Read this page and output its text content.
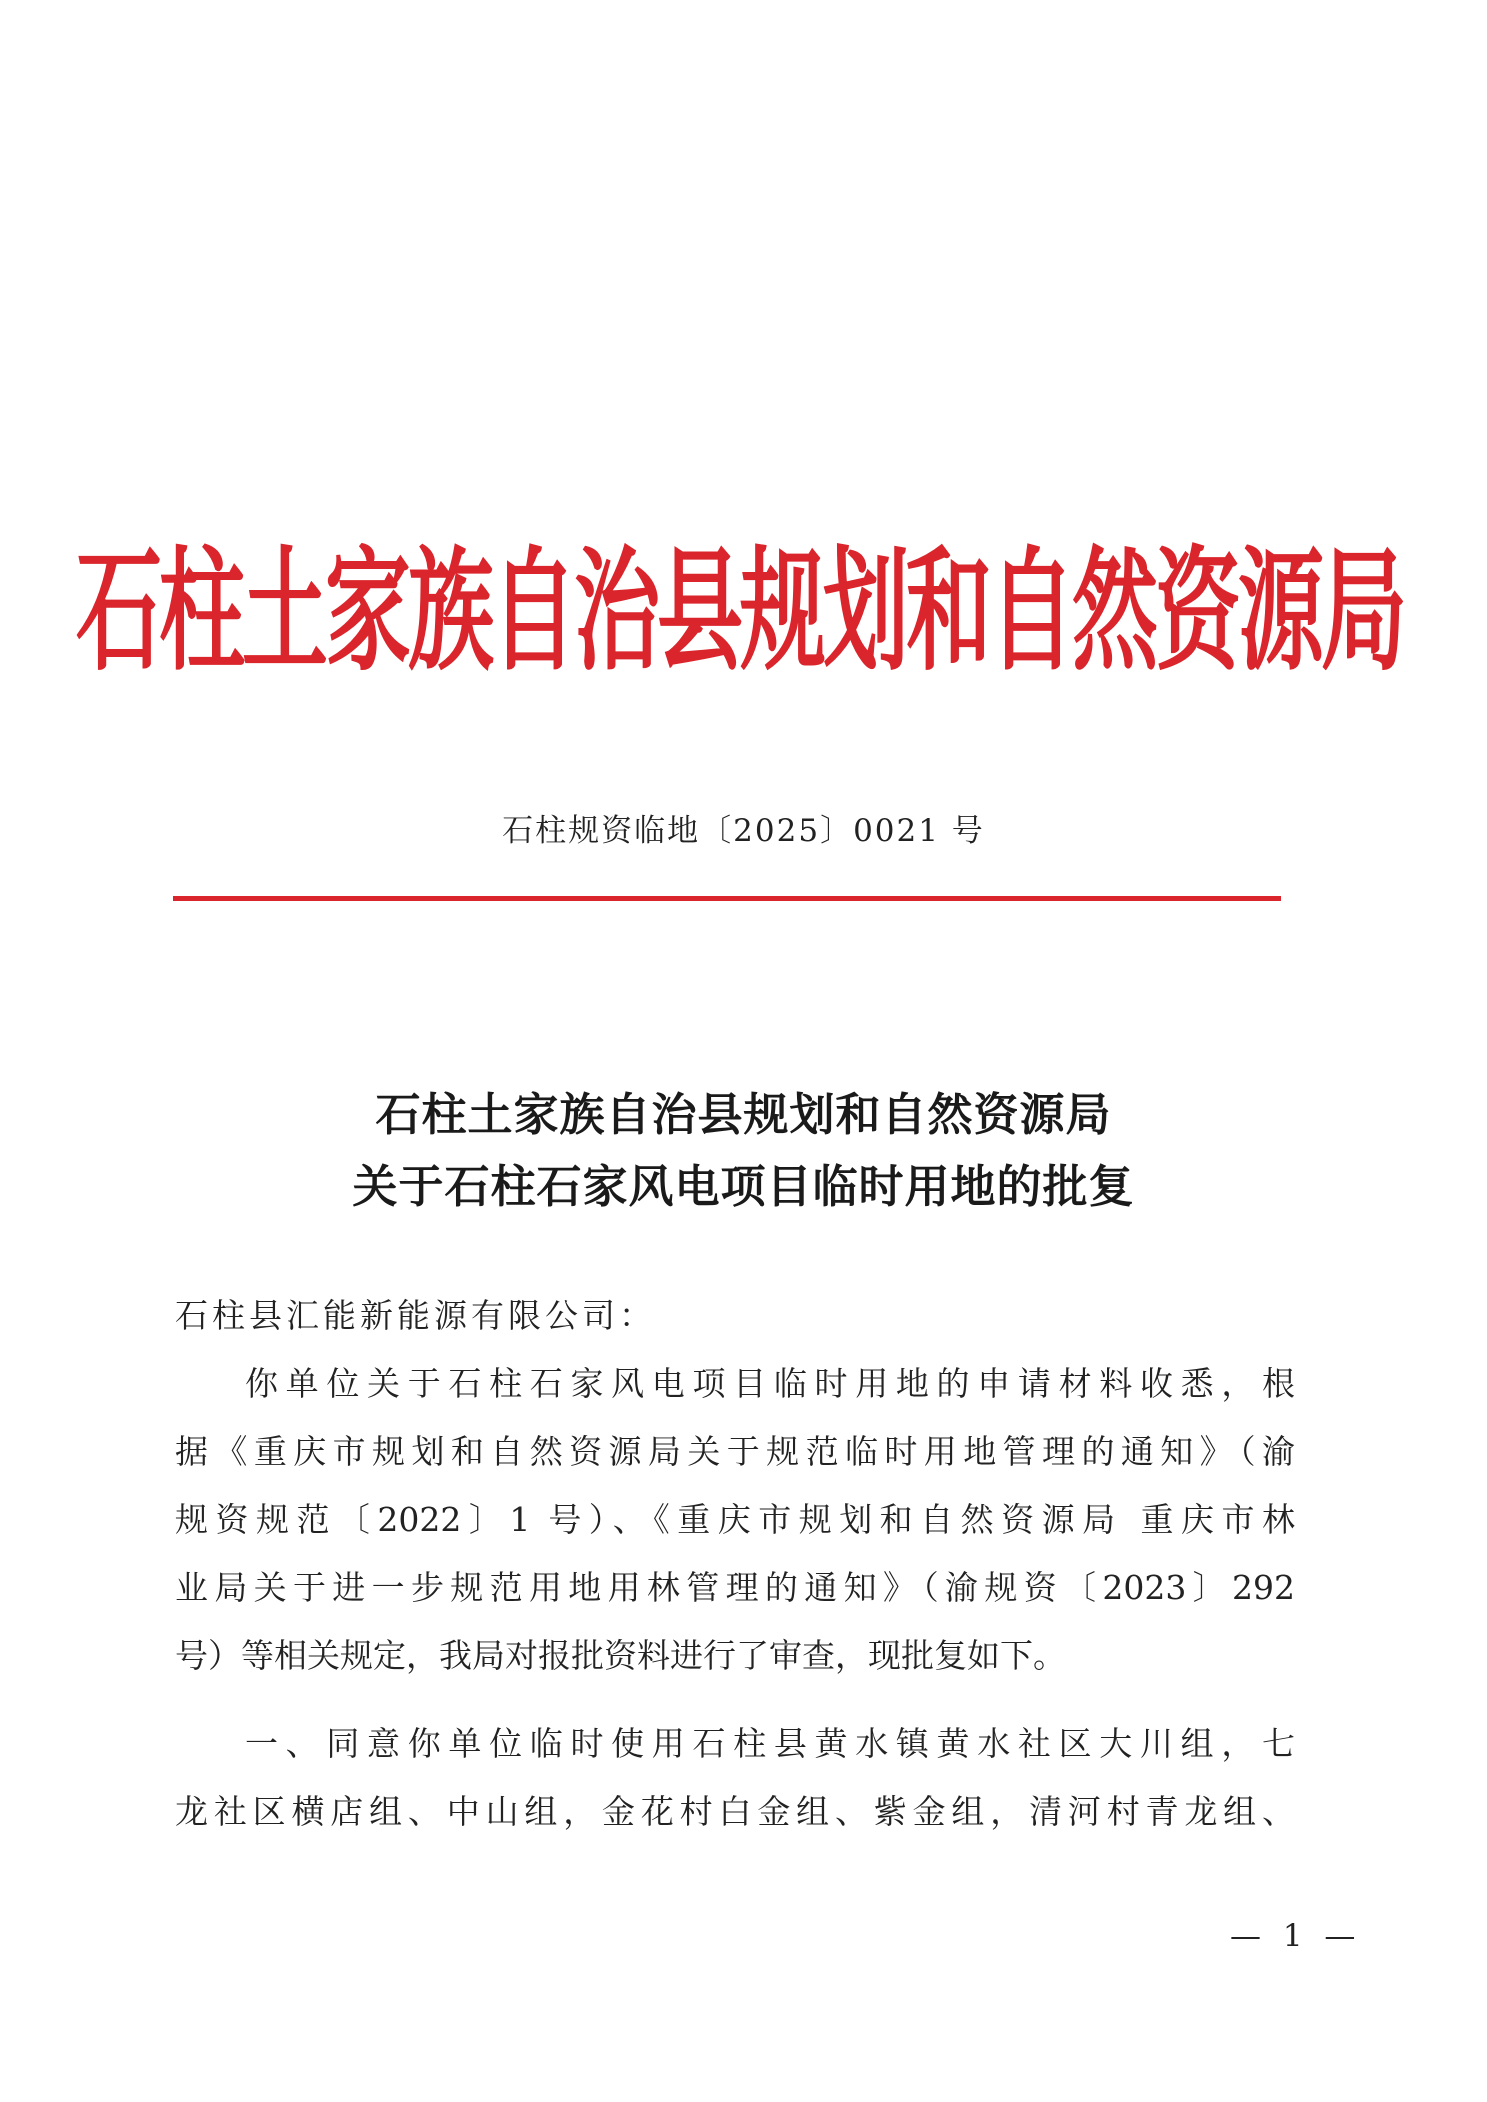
石柱土家族自治县规划和自然资源局
石柱规资临地〔2025〕0021 号
石柱土家族自治县规划和自然资源局
关于石柱石家风电项目临时用地的批复
石柱县汇能新能源有限公司：
你单位关于石柱石家风电项目临时用地的申请材料收悉，根
据《重庆市规划和自然资源局关于规范临时用地管理的通知》（渝
规资规范〔2022〕1 号）、《重庆市规划和自然资源局 重庆市林
业局关于进一步规范用地用林管理的通知》（渝规资〔2023〕292
号）等相关规定，我局对报批资料进行了审查，现批复如下。
一、同意你单位临时使用石柱县黄水镇黄水社区大川组，七
龙社区横店组、中山组，金花村白金组、紫金组，清河村青龙组、
— 1 —
